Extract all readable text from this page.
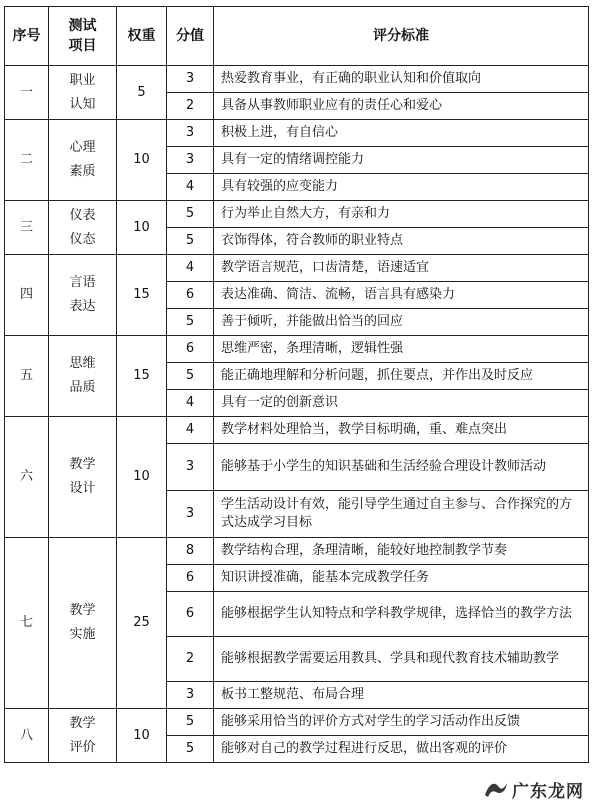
序号	测试项目	权重	分值	评分标准
一	职业认知	5	3	热爱教育事业，有正确的职业认知和价值取向
			2	具备从事教师职业应有的责任心和爱心
二	心理素质	10	3	积极上进，有自信心
			3	具有一定的情绪调控能力
			4	具有较强的应变能力
三	仪表仪态	10	5	行为举止自然大方，有亲和力
			5	衣饰得体，符合教师的职业特点
四	言语表达	15	4	教学语言规范，口齿清楚，语速适宜
			6	表达准确、简洁、流畅，语言具有感染力
			5	善于倾听，并能做出恰当的回应
五	思维品质	15	6	思维严密，条理清晰，逻辑性强
			5	能正确地理解和分析问题，抓住要点，并作出及时反应
			4	具有一定的创新意识
六	教学设计	10	4	教学材料处理恰当，教学目标明确，重、难点突出
			3	能够基于小学生的知识基础和生活经验合理设计教师活动
			3	学生活动设计有效，能引导学生通过自主参与、合作探究的方式达成学习目标
七	教学实施	25	8	教学结构合理，条理清晰，能较好地控制教学节奏
			6	知识讲授准确，能基本完成教学任务
			6	能够根据学生认知特点和学科教学规律，选择恰当的教学方法
			2	能够根据教学需要运用教具、学具和现代教育技术辅助教学
			3	板书工整规范、布局合理
八	教学评价	10	5	能够采用恰当的评价方式对学生的学习活动作出反馈
			5	能够对自己的教学过程进行反思，做出客观的评价
广东龙网
